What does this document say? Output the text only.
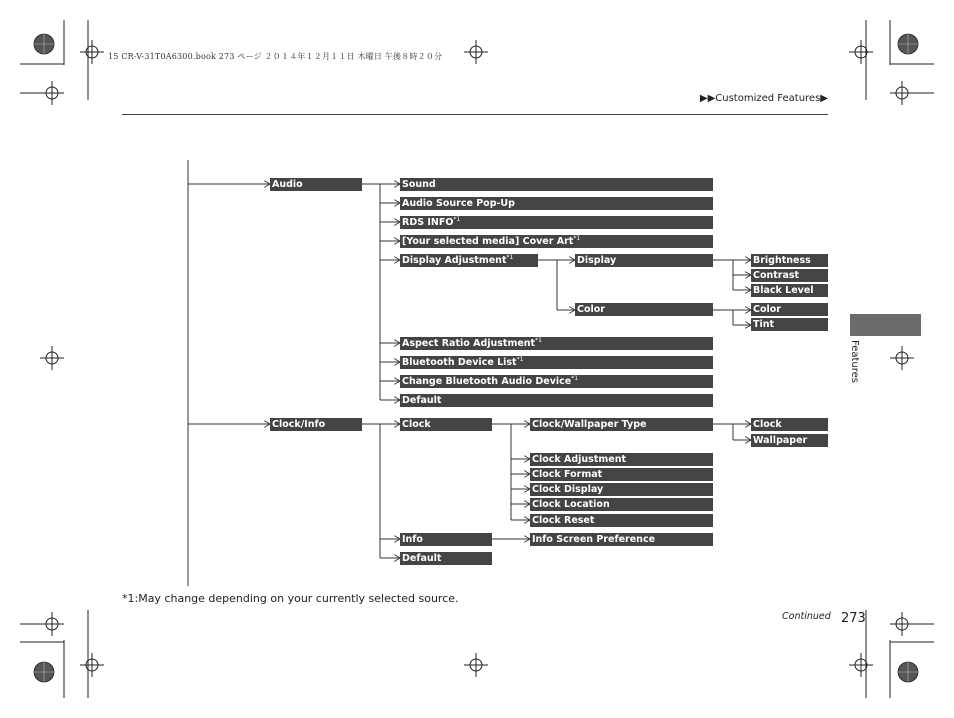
15 CR-V-31T0A6300.book 273 ページ ２０１４年１２月１１日 木曜日 午後８時２０分
▶▶Customized Features▶
Audio	Sound
Audio Source Pop-Up
RDS INFO$^{*1}$
[Your selected media] Cover Art$^{*1}$
Display Adjustment$^{*1}$	Display	Brightness
Contrast
Black Level
Color	Color
Tint
Aspect Ratio Adjustment$^{*1}$
Bluetooth Device List$^{*1}$
Change Bluetooth Audio Device$^{*1}$
Default
Clock/Info	Clock	Clock/Wallpaper Type	Clock
Wallpaper
Clock Adjustment
Clock Format
Clock Display
Clock Location
Clock Reset
Info	Info Screen Preference
Default
Features
*1:May change depending on your currently selected source.
Continued 273
